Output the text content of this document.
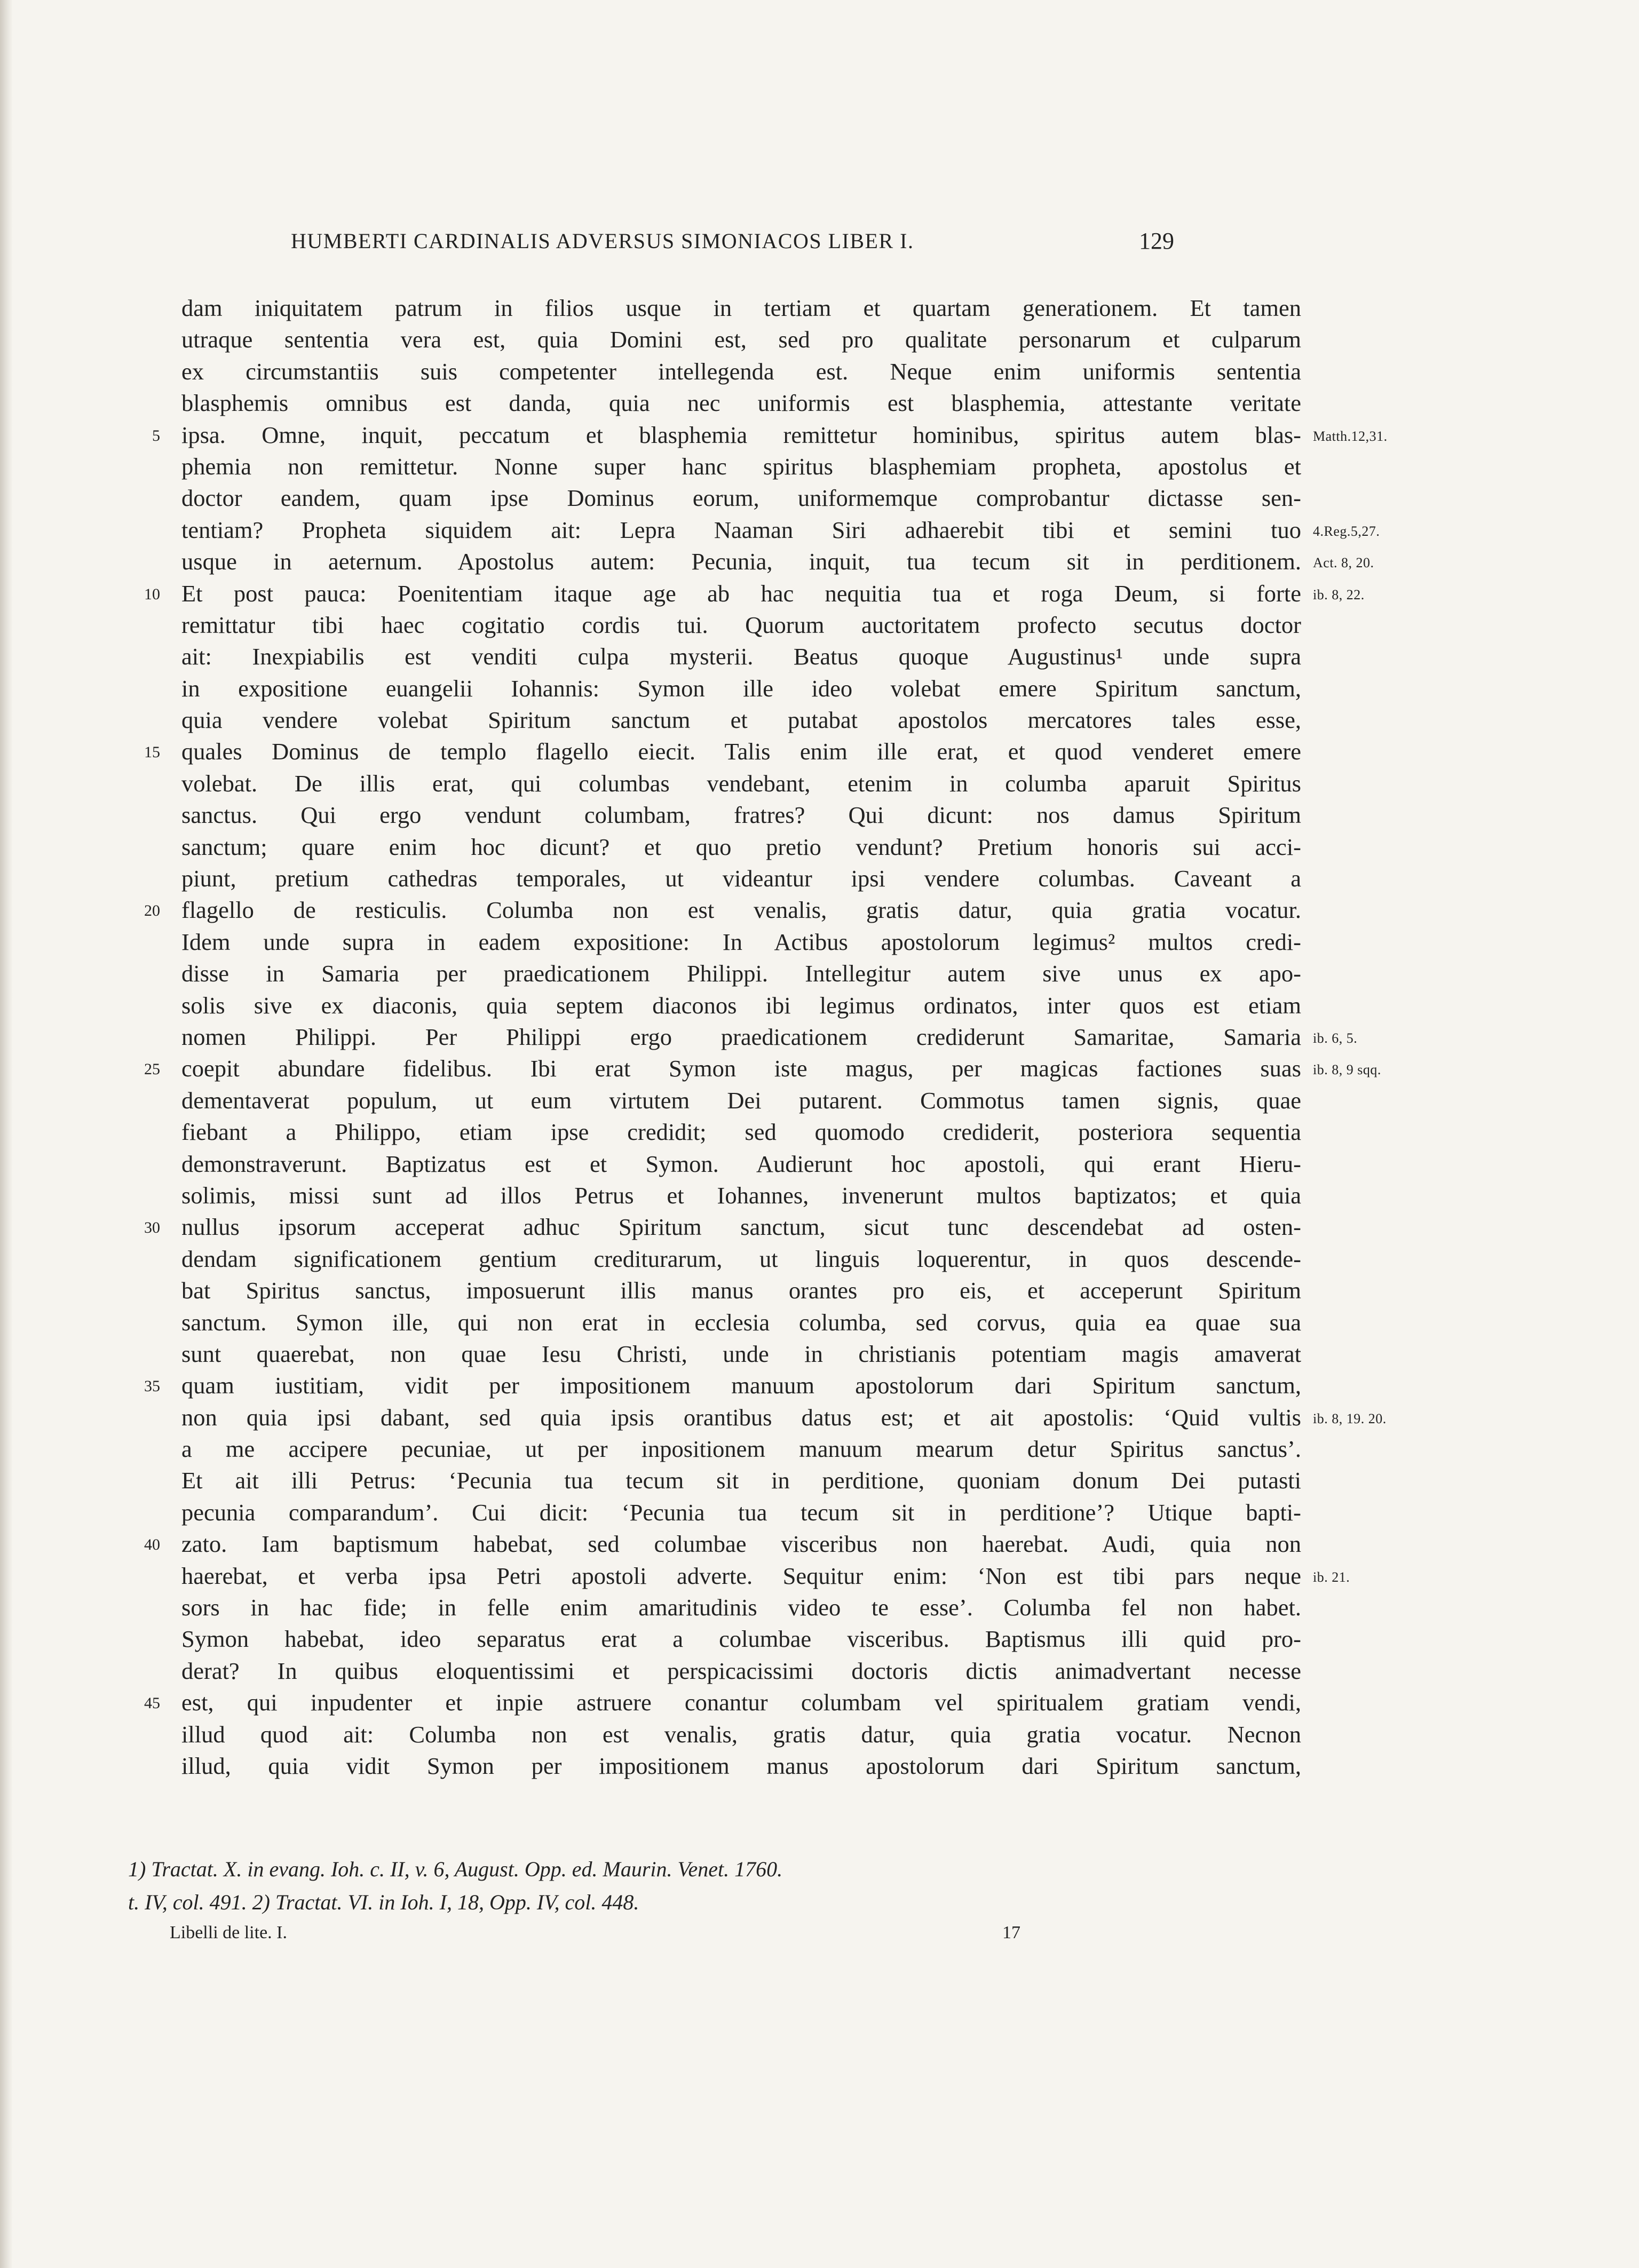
HUMBERTI CARDINALIS ADVERSUS SIMONIACOS LIBER I.	129
dam iniquitatem patrum in filios usque in tertiam et quartam generationem. Et tamen
utraque sententia vera est, quia Domini est, sed pro qualitate personarum et culparum
ex circumstantiis suis competenter intellegenda est. Neque enim uniformis sententia
blasphemis omnibus est danda, quia nec uniformis est blasphemia, attestante veritate
5 ipsa. Omne, inquit, peccatum et blasphemia remittetur hominibus, spiritus autem blas- Matth.12,31.
phemia non remittetur. Nonne super hanc spiritus blasphemiam propheta, apostolus et
doctor eandem, quam ipse Dominus eorum, uniformemque comprobantur dictasse sen-
tentiam? Propheta siquidem ait: Lepra Naaman Siri adhaerebit tibi et semini tuo 4.Reg.5,27.
usque in aeternum. Apostolus autem: Pecunia, inquit, tua tecum sit in perditionem. Act. 8, 20.
10 Et post pauca: Poenitentiam itaque age ab hac nequitia tua et roga Deum, si forte ib. 8, 22.
remittatur tibi haec cogitatio cordis tui. Quorum auctoritatem profecto secutus doctor
ait: Inexpiabilis est venditi culpa mysterii. Beatus quoque Augustinus¹ unde supra
in expositione euangelii Iohannis: Symon ille ideo volebat emere Spiritum sanctum,
quia vendere volebat Spiritum sanctum et putabat apostolos mercatores tales esse,
15 quales Dominus de templo flagello eiecit. Talis enim ille erat, et quod venderet emere
volebat. De illis erat, qui columbas vendebant, etenim in columba aparuit Spiritus
sanctus. Qui ergo vendunt columbam, fratres? Qui dicunt: nos damus Spiritum
sanctum; quare enim hoc dicunt? et quo pretio vendunt? Pretium honoris sui acci-
piunt, pretium cathedras temporales, ut videantur ipsi vendere columbas. Caveant a
20 flagello de resticulis. Columba non est venalis, gratis datur, quia gratia vocatur.
Idem unde supra in eadem expositione: In Actibus apostolorum legimus² multos credi-
disse in Samaria per praedicationem Philippi. Intellegitur autem sive unus ex apo-
solis sive ex diaconis, quia septem diaconos ibi legimus ordinatos, inter quos est etiam
nomen Philippi. Per Philippi ergo praedicationem crediderunt Samaritae, Samaria ib. 6, 5.
25 coepit abundare fidelibus. Ibi erat Symon iste magus, per magicas factiones suas ib. 8, 9 sqq.
dementaverat populum, ut eum virtutem Dei putarent. Commotus tamen signis, quae
fiebant a Philippo, etiam ipse credidit; sed quomodo crediderit, posteriora sequentia
demonstraverunt. Baptizatus est et Symon. Audierunt hoc apostoli, qui erant Hieru-
solimis, missi sunt ad illos Petrus et Iohannes, invenerunt multos baptizatos; et quia
30 nullus ipsorum acceperat adhuc Spiritum sanctum, sicut tunc descendebat ad osten-
dendam significationem gentium crediturarum, ut linguis loquerentur, in quos descende-
bat Spiritus sanctus, imposuerunt illis manus orantes pro eis, et acceperunt Spiritum
sanctum. Symon ille, qui non erat in ecclesia columba, sed corvus, quia ea quae sua
sunt quaerebat, non quae Iesu Christi, unde in christianis potentiam magis amaverat
35 quam iustitiam, vidit per impositionem manuum apostolorum dari Spiritum sanctum,
non quia ipsi dabant, sed quia ipsis orantibus datus est; et ait apostolis: ‘Quid vultis ib. 8, 19. 20.
a me accipere pecuniae, ut per inpositionem manuum mearum detur Spiritus sanctus’.
Et ait illi Petrus: ‘Pecunia tua tecum sit in perditione, quoniam donum Dei putasti
pecunia comparandum’. Cui dicit: ‘Pecunia tua tecum sit in perditione’? Utique bapti-
40 zato. Iam baptismum habebat, sed columbae visceribus non haerebat. Audi, quia non
haerebat, et verba ipsa Petri apostoli adverte. Sequitur enim: ‘Non est tibi pars neque ib. 21.
sors in hac fide; in felle enim amaritudinis video te esse’. Columba fel non habet.
Symon habebat, ideo separatus erat a columbae visceribus. Baptismus illi quid pro-
derat? In quibus eloquentissimi et perspicacissimi doctoris dictis animadvertant necesse
45 est, qui inpudenter et inpie astruere conantur columbam vel spiritualem gratiam vendi,
illud quod ait: Columba non est venalis, gratis datur, quia gratia vocatur. Necnon
illud, quia vidit Symon per impositionem manus apostolorum dari Spiritum sanctum,
1) Tractat. X. in evang. Ioh. c. II, v. 6, August. Opp. ed. Maurin. Venet. 1760.
t. IV, col. 491. 2) Tractat. VI. in Ioh. I, 18, Opp. IV, col. 448.
Libelli de lite. I.	17
